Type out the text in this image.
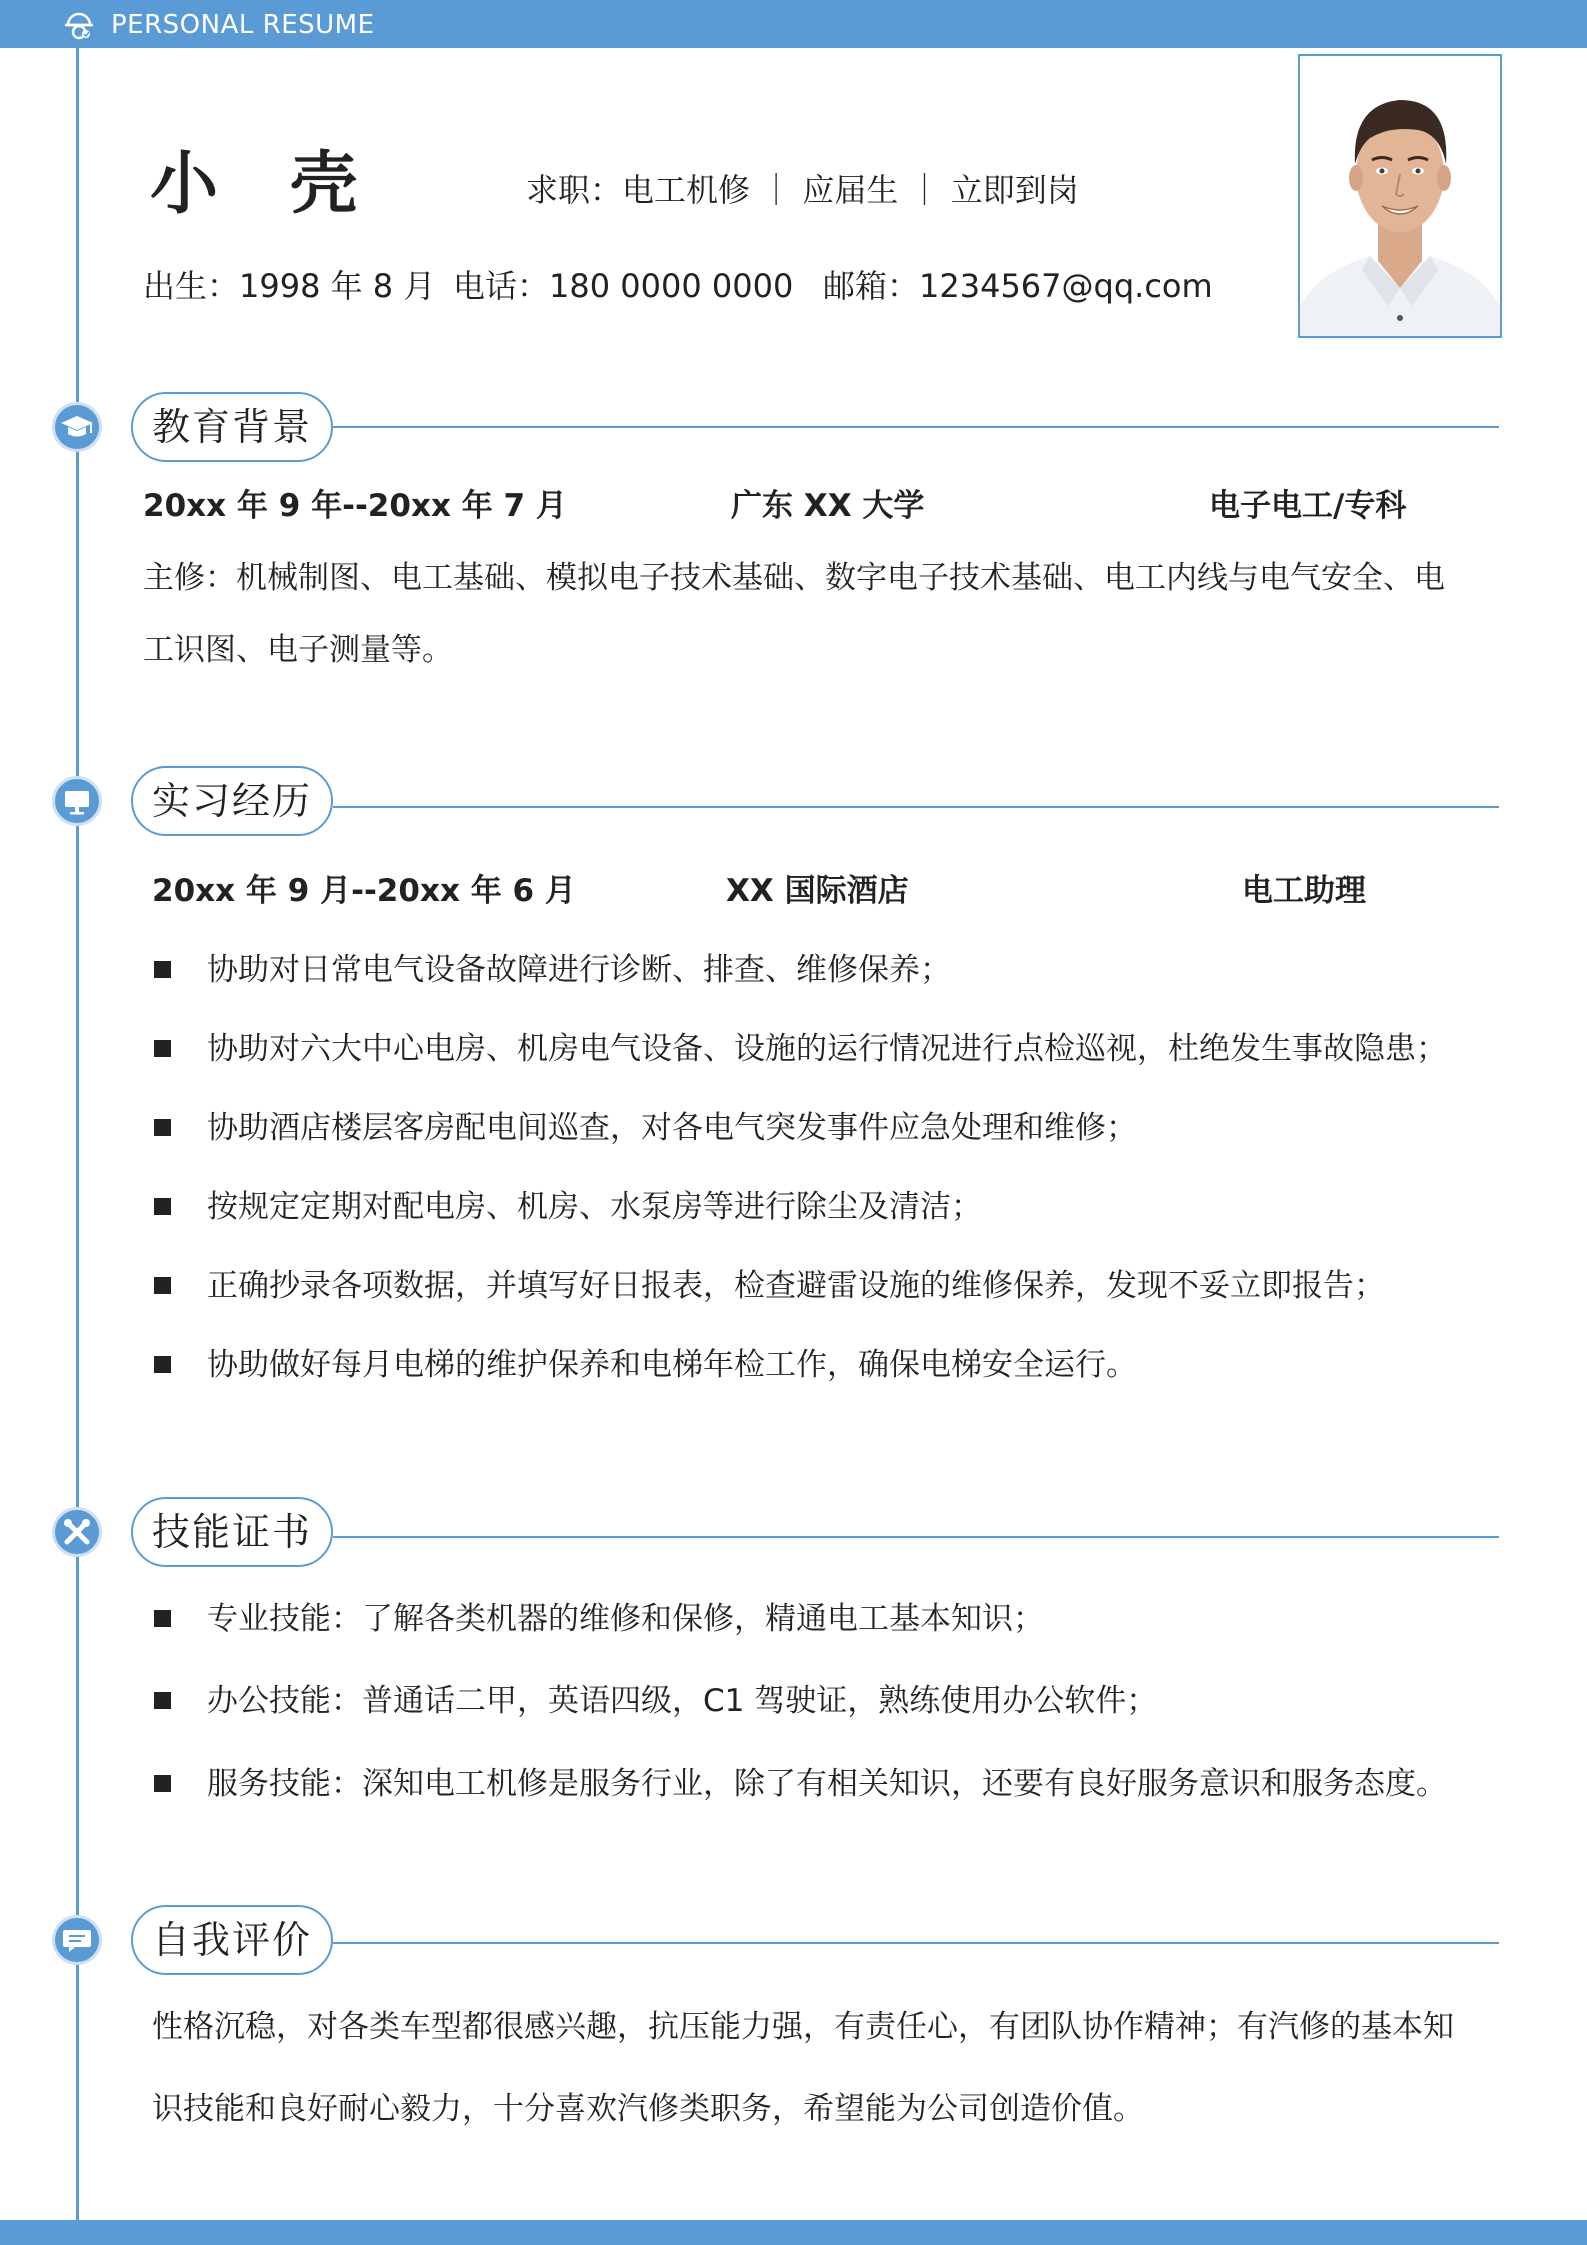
PERSONAL RESUME
小 壳	求职：电工机修 ｜ 应届生 ｜ 立即到岗
出生：1998 年 8 月 电话：180 0000 0000 邮箱：1234567@qq.com
教育背景
20xx 年 9 年--20xx 年 7 月	广东 XX 大学	电子电工/专科
主修：机械制图、电工基础、模拟电子技术基础、数字电子技术基础、电工内线与电气安全、电
工识图、电子测量等。
实习经历
20xx 年 9 月--20xx 年 6 月	XX 国际酒店	电工助理
协助对日常电气设备故障进行诊断、排查、维修保养；
协助对六大中心电房、机房电气设备、设施的运行情况进行点检巡视，杜绝发生事故隐患；
协助酒店楼层客房配电间巡查，对各电气突发事件应急处理和维修；
按规定定期对配电房、机房、水泵房等进行除尘及清洁；
正确抄录各项数据，并填写好日报表，检查避雷设施的维修保养，发现不妥立即报告；
协助做好每月电梯的维护保养和电梯年检工作，确保电梯安全运行。
技能证书
专业技能：了解各类机器的维修和保修，精通电工基本知识；
办公技能：普通话二甲，英语四级，C1 驾驶证，熟练使用办公软件；
服务技能：深知电工机修是服务行业，除了有相关知识，还要有良好服务意识和服务态度。
自我评价
性格沉稳，对各类车型都很感兴趣，抗压能力强，有责任心，有团队协作精神；有汽修的基本知
识技能和良好耐心毅力，十分喜欢汽修类职务，希望能为公司创造价值。
